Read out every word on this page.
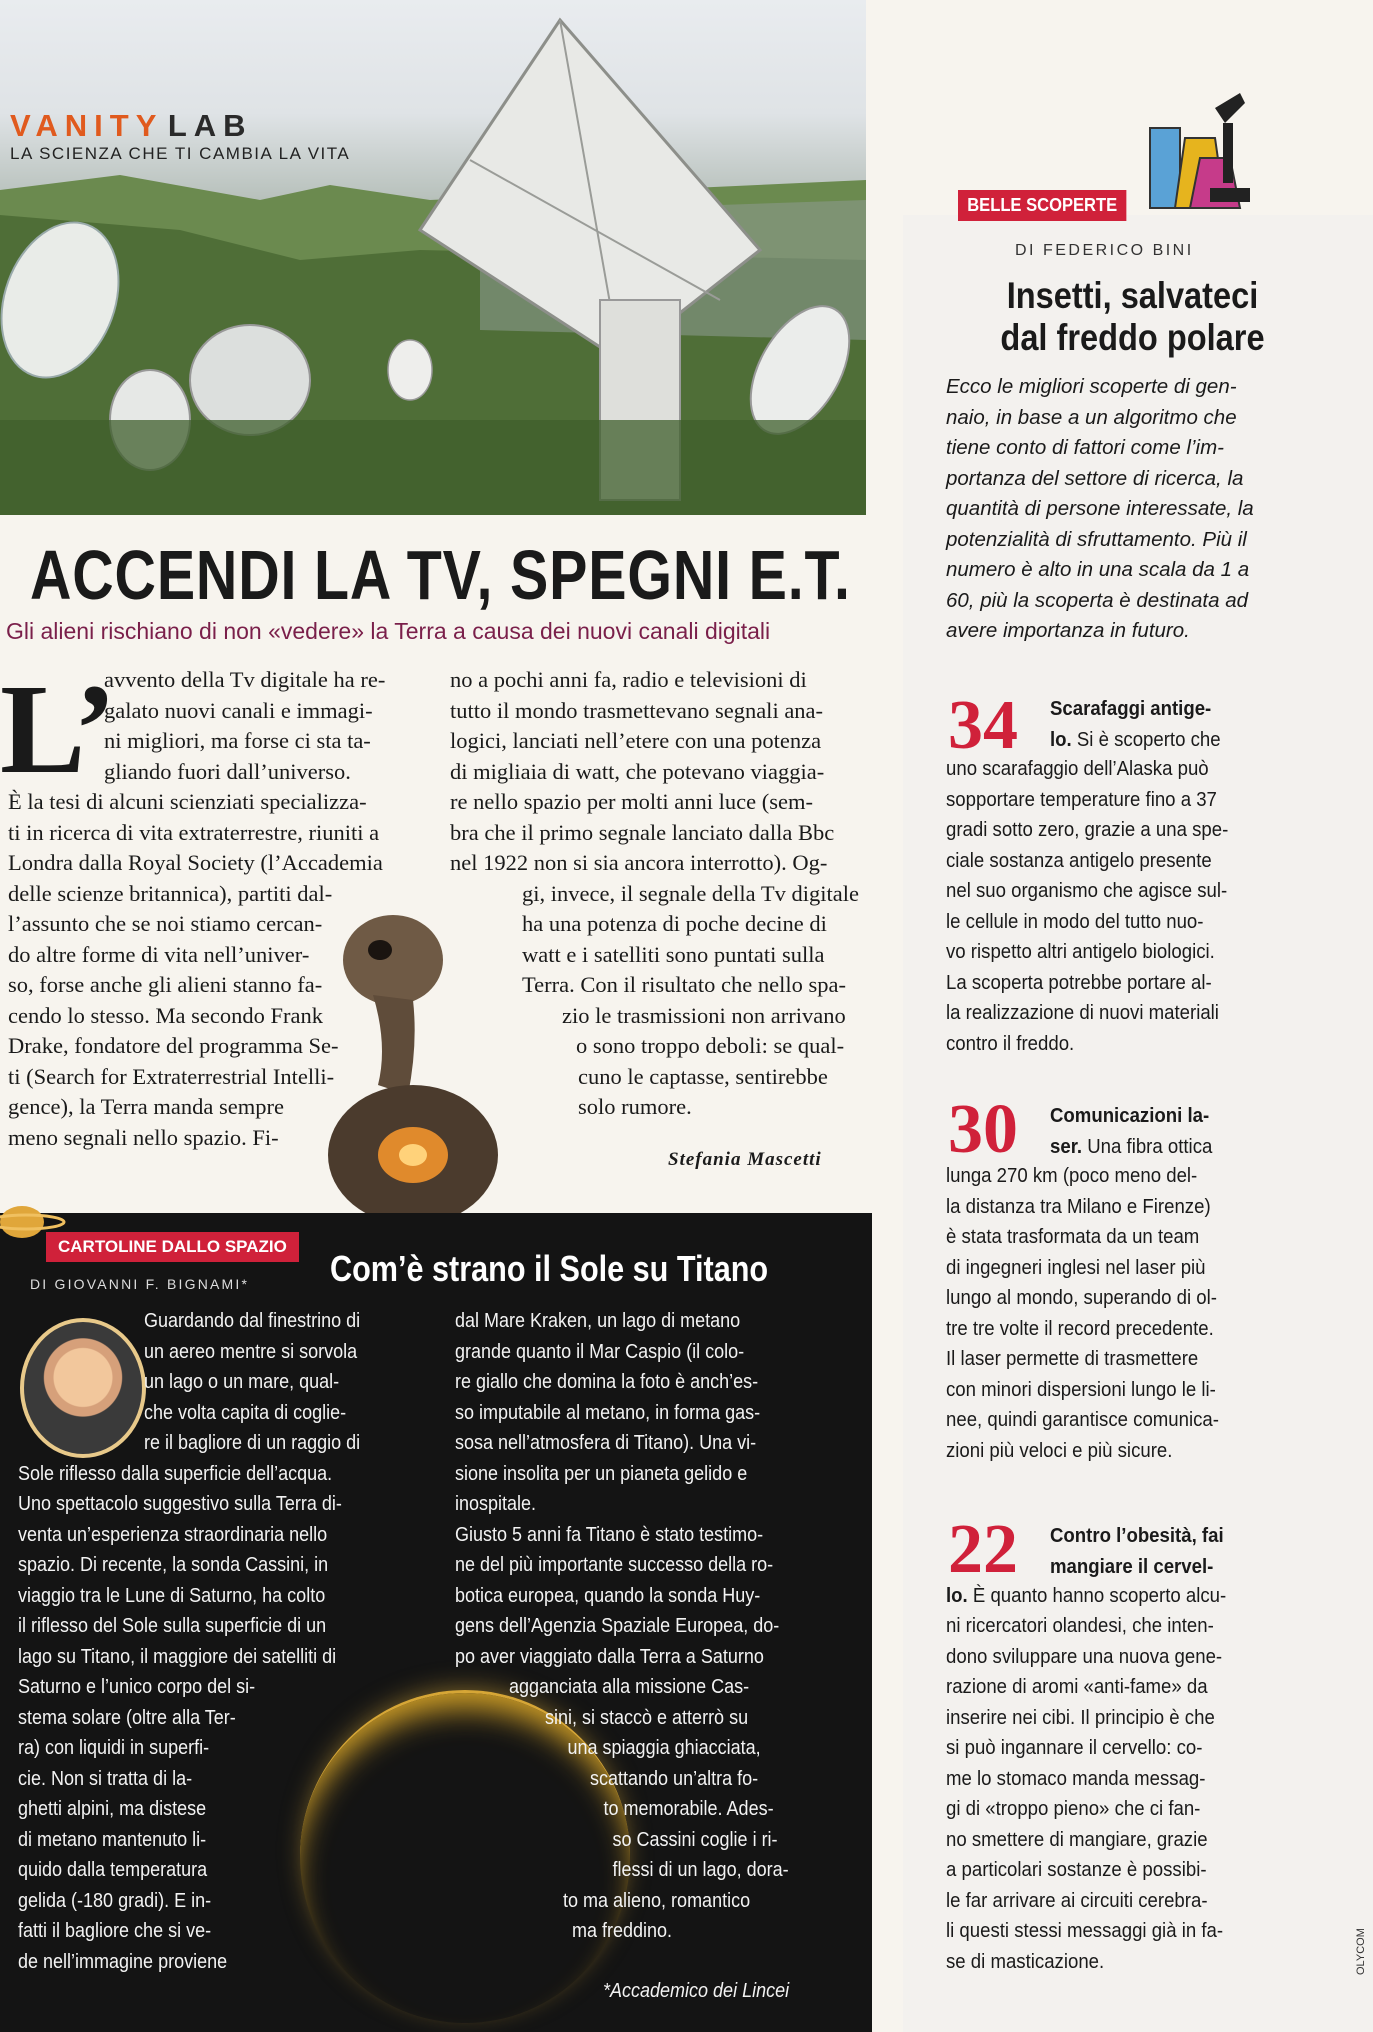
VANITY LAB
LA SCIENZA CHE TI CAMBIA LA VITA
ACCENDI LA TV, SPEGNI E.T.
Gli alieni rischiano di non «vedere» la Terra a causa dei nuovi canali digitali
L’
avvento della Tv digitale ha re-
galato nuovi canali e immagi-
ni migliori, ma forse ci sta ta-
gliando fuori dall’universo.
È la tesi di alcuni scienziati specializza-
ti in ricerca di vita extraterrestre, riuniti a
Londra dalla Royal Society (l’Accademia
delle scienze britannica), partiti dal-
l’assunto che se noi stiamo cercan-
do altre forme di vita nell’univer-
so, forse anche gli alieni stanno fa-
cendo lo stesso. Ma secondo Frank
Drake, fondatore del programma Se-
ti (Search for Extraterrestrial Intelli-
gence), la Terra manda sempre
meno segnali nello spazio. Fi-
no a pochi anni fa, radio e televisioni di
tutto il mondo trasmettevano segnali ana-
logici, lanciati nell’etere con una potenza
di migliaia di watt, che potevano viaggia-
re nello spazio per molti anni luce (sem-
bra che il primo segnale lanciato dalla Bbc
nel 1922 non si sia ancora interrotto). Og-
gi, invece, il segnale della Tv digitale
ha una potenza di poche decine di
watt e i satelliti sono puntati sulla
Terra. Con il risultato che nello spa-
zio le trasmissioni non arrivano
o sono troppo deboli: se qual-
cuno le captasse, sentirebbe
solo rumore.
Stefania Mascetti
BELLE SCOPERTE
DI FEDERICO BINI
Insetti, salvateci
dal freddo polare
Ecco le migliori scoperte di gen-
naio, in base a un algoritmo che
tiene conto di fattori come l’im-
portanza del settore di ricerca, la
quantità di persone interessate, la
potenzialità di sfruttamento. Più il
numero è alto in una scala da 1 a
60, più la scoperta è destinata ad
avere importanza in futuro.
34 Scarafaggi antige-
lo. Si è scoperto che
uno scarafaggio dell’Alaska può
sopportare temperature fino a 37
gradi sotto zero, grazie a una spe-
ciale sostanza antigelo presente
nel suo organismo che agisce sul-
le cellule in modo del tutto nuo-
vo rispetto altri antigelo biologici.
La scoperta potrebbe portare al-
la realizzazione di nuovi materiali
contro il freddo.
30 Comunicazioni la-
ser. Una fibra ottica
lunga 270 km (poco meno del-
la distanza tra Milano e Firenze)
è stata trasformata da un team
di ingegneri inglesi nel laser più
lungo al mondo, superando di ol-
tre tre volte il record precedente.
Il laser permette di trasmettere
con minori dispersioni lungo le li-
nee, quindi garantisce comunica-
zioni più veloci e più sicure.
22 Contro l’obesità, fai
mangiare il cervel-
lo. È quanto hanno scoperto alcu-
ni ricercatori olandesi, che inten-
dono sviluppare una nuova gene-
razione di aromi «anti-fame» da
inserire nei cibi. Il principio è che
si può ingannare il cervello: co-
me lo stomaco manda messag-
gi di «troppo pieno» che ci fan-
no smettere di mangiare, grazie
a particolari sostanze è possibi-
le far arrivare ai circuiti cerebra-
li questi stessi messaggi già in fa-
se di masticazione.
CARTOLINE DALLO SPAZIO
DI GIOVANNI F. BIGNAMI* Com’è strano il Sole su Titano
Guardando dal finestrino di
un aereo mentre si sorvola
un lago o un mare, qual-
che volta capita di coglie-
re il bagliore di un raggio di
Sole riflesso dalla superficie dell’acqua.
Uno spettacolo suggestivo sulla Terra di-
venta un’esperienza straordinaria nello
spazio. Di recente, la sonda Cassini, in
viaggio tra le Lune di Saturno, ha colto
il riflesso del Sole sulla superficie di un
lago su Titano, il maggiore dei satelliti di
Saturno e l’unico corpo del si-
stema solare (oltre alla Ter-
ra) con liquidi in superfi-
cie. Non si tratta di la-
ghetti alpini, ma distese
di metano mantenuto li-
quido dalla temperatura
gelida (-180 gradi). E in-
fatti il bagliore che si ve-
de nell’immagine proviene
dal Mare Kraken, un lago di metano
grande quanto il Mar Caspio (il colo-
re giallo che domina la foto è anch’es-
so imputabile al metano, in forma gas-
sosa nell’atmosfera di Titano). Una vi-
sione insolita per un pianeta gelido e
inospitale.
Giusto 5 anni fa Titano è stato testimo-
ne del più importante successo della ro-
botica europea, quando la sonda Huy-
gens dell’Agenzia Spaziale Europea, do-
po aver viaggiato dalla Terra a Saturno
agganciata alla missione Cas-
sini, si staccò e atterrò su
una spiaggia ghiacciata,
scattando un’altra fo-
to memorabile. Ades-
so Cassini coglie i ri-
flessi di un lago, dora-
to ma alieno, romantico
ma freddino.
*Accademico dei Lincei
OLYCOM
